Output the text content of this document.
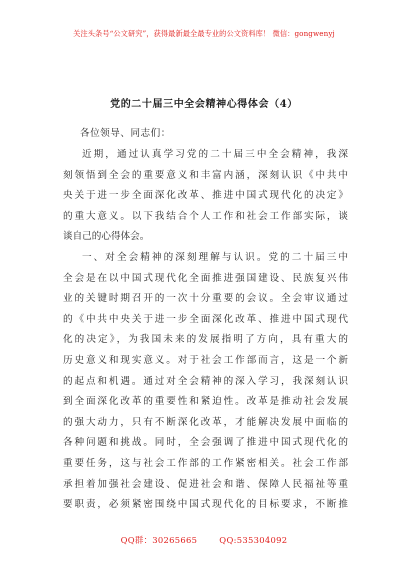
关注头条号“公文研究”，获得最新最全最专业的公文资料库！ 微信：gongwenyj
党的二十届三中全会精神心得体会（4）
各位领导、同志们：
近期，通过认真学习党的二十届三中全会精神，我深
刻领悟到全会的重要意义和丰富内涵，深刻认识《中共中
央关于进一步全面深化改革、推进中国式现代化的决定》
的重大意义。以下我结合个人工作和社会工作部实际，谈
谈自己的心得体会。
一、对全会精神的深刻理解与认识。党的二十届三中
全会是在以中国式现代化全面推进强国建设、民族复兴伟
业的关键时期召开的一次十分重要的会议。全会审议通过
的《中共中央关于进一步全面深化改革、推进中国式现代
化的决定》，为我国未来的发展指明了方向，具有重大的
历史意义和现实意义。对于社会工作部而言，这是一个新
的起点和机遇。通过对全会精神的深入学习，我深刻认识
到全面深化改革的重要性和紧迫性。改革是推动社会发展
的强大动力，只有不断深化改革，才能解决发展中面临的
各种问题和挑战。同时，全会强调了推进中国式现代化的
重要任务，这与社会工作部的工作紧密相关。社会工作部
承担着加强社会建设、促进社会和谐、保障人民福祉等重
要职责，必须紧密围绕中国式现代化的目标要求，不断推
QQ群：30265665	QQ:535304092
